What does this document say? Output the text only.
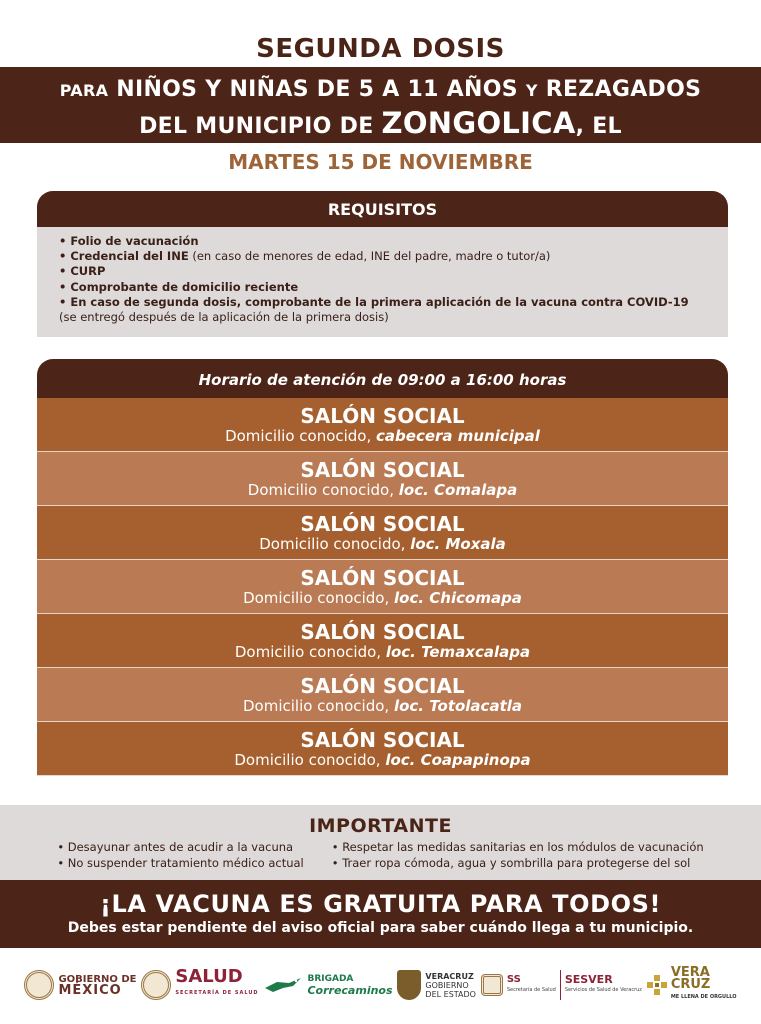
SEGUNDA DOSIS
PARA NIÑOS Y NIÑAS DE 5 A 11 AÑOS Y REZAGADOS
DEL MUNICIPIO DE ZONGOLICA, EL
MARTES 15 DE NOVIEMBRE
REQUISITOS
• Folio de vacunación
• Credencial del INE (en caso de menores de edad, INE del padre, madre o tutor/a)
• CURP
• Comprobante de domicilio reciente
• En caso de segunda dosis, comprobante de la primera aplicación de la vacuna contra COVID-19 (se entregó después de la aplicación de la primera dosis)
Horario de atención de 09:00 a 16:00 horas
SALÓN SOCIAL
Domicilio conocido, cabecera municipal
SALÓN SOCIAL
Domicilio conocido, loc. Comalapa
SALÓN SOCIAL
Domicilio conocido, loc. Moxala
SALÓN SOCIAL
Domicilio conocido, loc. Chicomapa
SALÓN SOCIAL
Domicilio conocido, loc. Temaxcalapa
SALÓN SOCIAL
Domicilio conocido, loc. Totolacatla
SALÓN SOCIAL
Domicilio conocido, loc. Coapapinopa
IMPORTANTE
• Desayunar antes de acudir a la vacuna
• No suspender tratamiento médico actual
• Respetar las medidas sanitarias en los módulos de vacunación
• Traer ropa cómoda, agua y sombrilla para protegerse del sol
¡LA VACUNA ES GRATUITA PARA TODOS!
Debes estar pendiente del aviso oficial para saber cuándo llega a tu municipio.
GOBIERNO DE
MÉXICO
SALUD
SECRETARÍA DE SALUD
BRIGADA
Correcaminos
VERACRUZ
GOBIERNO
DEL ESTADO
SS
Secretaría de Salud
SESVER
Servicios de Salud de Veracruz
VERA
CRUZ
ME LLENA DE ORGULLO
